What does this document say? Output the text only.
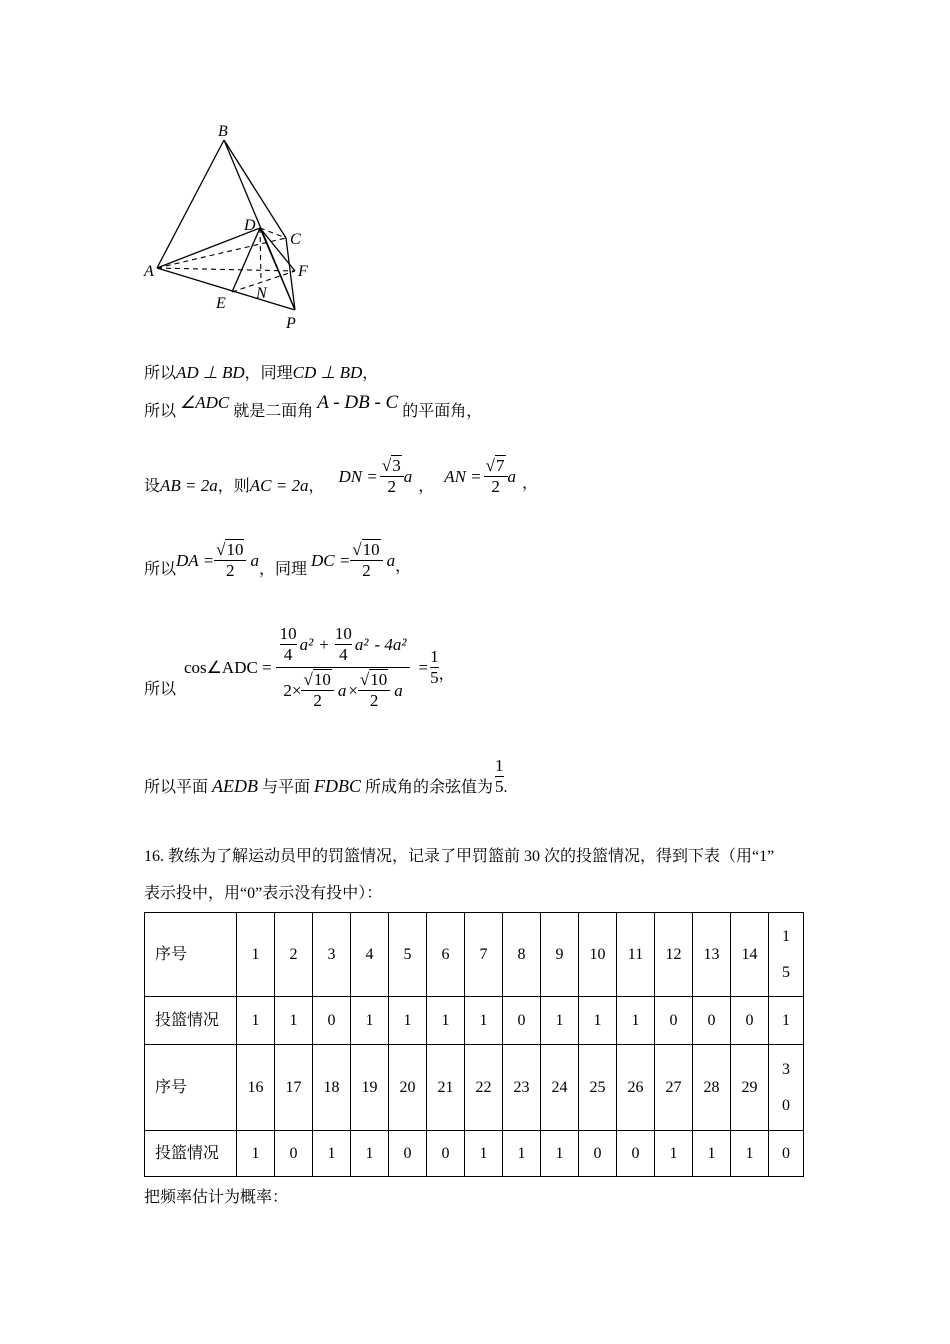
B
D
C
A	F
E
N
P
所以AD ⊥ BD，同理CD ⊥ BD，
所以 ∠ADC 就是二面角 A - DB - C 的平面角，
设 AB = 2a ，则 AC = 2a ，
DN = $\frac{√3}{2}$ a
，
AN = $\frac{√7}{2}$ a ，
所以 DA = $\frac{√10}{2}$ a ，同理 DC = $\frac{√10}{2}$ a ，
所以
cos∠ADC = $\frac{\frac{10}{4} a^2 + \frac{10}{4} a^2 - 4a^2}{2\times \frac{√10}{2} a \times \frac{√10}{2} a} = \frac{1}{5}$ ，
所以平面 AEDB 与平面 FDBC 所成角的余弦值为 $\frac{1}{5}$ .
16. 教练为了解运动员甲的罚篮情况，记录了甲罚篮前 30 次的投篮情况，得到下表（用“1”
表示投中，用“0”表示没有投中）：
序号	1	2	3	4	5	6	7	8	9	10	11	12	13	14	1
5

投篮情况	1	1	0	1	1	1	1	0	1	1	1	0	0	0	1
序号	16	17	18	19	20	21	22	23	24	25	26	27	28	29	3
0

投篮情况	1	0	1	1	0	0	1	1	1	0	0	1	1	1	0
把频率估计为概率：
